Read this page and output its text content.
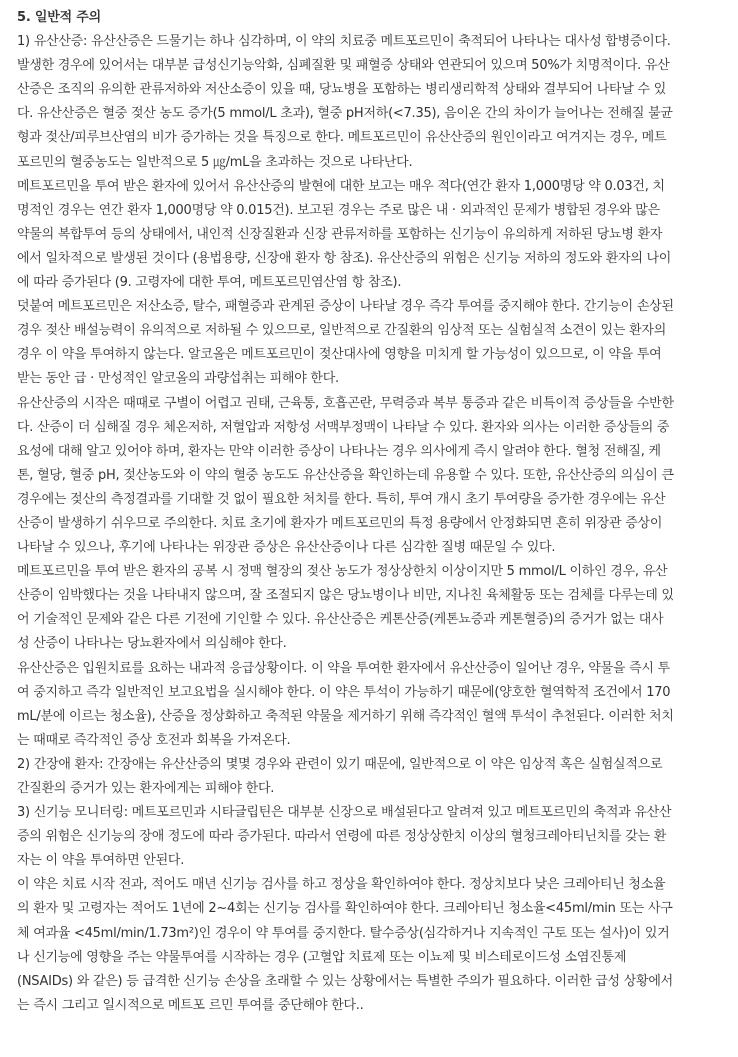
5. 일반적 주의
1) 유산산증: 유산산증은 드물기는 하나 심각하며, 이 약의 치료중 메트포르민이 축적되어 나타나는 대사성 합병증이다.
발생한 경우에 있어서는 대부분 급성신기능악화, 심폐질환 및 패혈증 상태와 연관되어 있으며 50%가 치명적이다. 유산
산증은 조직의 유의한 관류저하와 저산소증이 있을 때, 당뇨병을 포함하는 병리생리학적 상태와 결부되어 나타날 수 있
다. 유산산증은 혈중 젖산 농도 증가(5 mmol/L 초과), 혈중 pH저하(<7.35), 음이온 간의 차이가 늘어나는 전해질 불균
형과 젖산/피루브산염의 비가 증가하는 것을 특징으로 한다. 메트포르민이 유산산증의 원인이라고 여겨지는 경우, 메트
포르민의 혈중농도는 일반적으로 5 ㎍/mL을 초과하는 것으로 나타난다.
메트포르민을 투여 받은 환자에 있어서 유산산증의 발현에 대한 보고는 매우 적다(연간 환자 1,000명당 약 0.03건, 치
명적인 경우는 연간 환자 1,000명당 약 0.015건). 보고된 경우는 주로 많은 내 · 외과적인 문제가 병합된 경우와 많은
약물의 복합투여 등의 상태에서, 내인적 신장질환과 신장 관류저하를 포함하는 신기능이 유의하게 저하된 당뇨병 환자
에서 일차적으로 발생된 것이다 (용법용량, 신장애 환자 항 참조). 유산산증의 위험은 신기능 저하의 정도와 환자의 나이
에 따라 증가된다 (9. 고령자에 대한 투여, 메트포르민염산염 항 참조).
덧붙여 메트포르민은 저산소증, 탈수, 패혈증과 관계된 증상이 나타날 경우 즉각 투여를 중지해야 한다. 간기능이 손상된
경우 젖산 배설능력이 유의적으로 저하될 수 있으므로, 일반적으로 간질환의 임상적 또는 실험실적 소견이 있는 환자의
경우 이 약을 투여하지 않는다. 알코올은 메트포르민이 젖산대사에 영향을 미치게 할 가능성이 있으므로, 이 약을 투여
받는 동안 급 · 만성적인 알코올의 과량섭취는 피해야 한다.
유산산증의 시작은 때때로 구별이 어렵고 권태, 근육통, 호흡곤란, 무력증과 복부 통증과 같은 비특이적 증상들을 수반한
다. 산증이 더 심해질 경우 체온저하, 저혈압과 저항성 서맥부정맥이 나타날 수 있다. 환자와 의사는 이러한 증상들의 중
요성에 대해 알고 있어야 하며, 환자는 만약 이러한 증상이 나타나는 경우 의사에게 즉시 알려야 한다. 혈청 전해질, 케
톤, 혈당, 혈중 pH, 젖산농도와 이 약의 혈중 농도도 유산산증을 확인하는데 유용할 수 있다. 또한, 유산산증의 의심이 큰
경우에는 젖산의 측정결과를 기대할 것 없이 필요한 처치를 한다. 특히, 투여 개시 초기 투여량을 증가한 경우에는 유산
산증이 발생하기 쉬우므로 주의한다. 치료 초기에 환자가 메트포르민의 특정 용량에서 안정화되면 흔히 위장관 증상이
나타날 수 있으나, 후기에 나타나는 위장관 증상은 유산산증이나 다른 심각한 질병 때문일 수 있다.
메트포르민을 투여 받은 환자의 공복 시 정맥 혈장의 젖산 농도가 정상상한치 이상이지만 5 mmol/L 이하인 경우, 유산
산증이 임박했다는 것을 나타내지 않으며, 잘 조절되지 않은 당뇨병이나 비만, 지나친 육체활동 또는 검체를 다루는데 있
어 기술적인 문제와 같은 다른 기전에 기인할 수 있다. 유산산증은 케톤산증(케톤뇨증과 케톤혈증)의 증거가 없는 대사
성 산증이 나타나는 당뇨환자에서 의심해야 한다.
유산산증은 입원치료를 요하는 내과적 응급상황이다. 이 약을 투여한 환자에서 유산산증이 일어난 경우, 약물을 즉시 투
여 중지하고 즉각 일반적인 보고요법을 실시해야 한다. 이 약은 투석이 가능하기 때문에(양호한 혈역학적 조건에서 170
mL/분에 이르는 청소율), 산증을 정상화하고 축적된 약물을 제거하기 위해 즉각적인 혈액 투석이 추천된다. 이러한 처치
는 때때로 즉각적인 증상 호전과 회복을 가져온다.
2) 간장애 환자: 간장애는 유산산증의 몇몇 경우와 관련이 있기 때문에, 일반적으로 이 약은 임상적 혹은 실험실적으로
간질환의 증거가 있는 환자에게는 피해야 한다.
3) 신기능 모니터링: 메트포르민과 시타글립틴은 대부분 신장으로 배설된다고 알려져 있고 메트포르민의 축적과 유산산
증의 위험은 신기능의 장애 정도에 따라 증가된다. 따라서 연령에 따른 정상상한치 이상의 혈청크레아티닌치를 갖는 환
자는 이 약을 투여하면 안된다.
이 약은 치료 시작 전과, 적어도 매년 신기능 검사를 하고 정상을 확인하여야 한다. 정상치보다 낮은 크레아티닌 청소율
의 환자 및 고령자는 적어도 1년에 2~4회는 신기능 검사를 확인하여야 한다. 크레아티닌 청소율<45ml/min 또는 사구
체 여과율 <45ml/min/1.73m²)인 경우이 약 투여를 중지한다. 탈수증상(심각하거나 지속적인 구토 또는 설사)이 있거
나 신기능에 영향을 주는 약물투여를 시작하는 경우 (고혈압 치료제 또는 이뇨제 및 비스테로이드성 소염진통제
(NSAIDs) 와 같은) 등 급격한 신기능 손상을 초래할 수 있는 상황에서는 특별한 주의가 필요하다. 이러한 급성 상황에서
는 즉시 그리고 일시적으로 메트포 르민 투여를 중단해야 한다..
